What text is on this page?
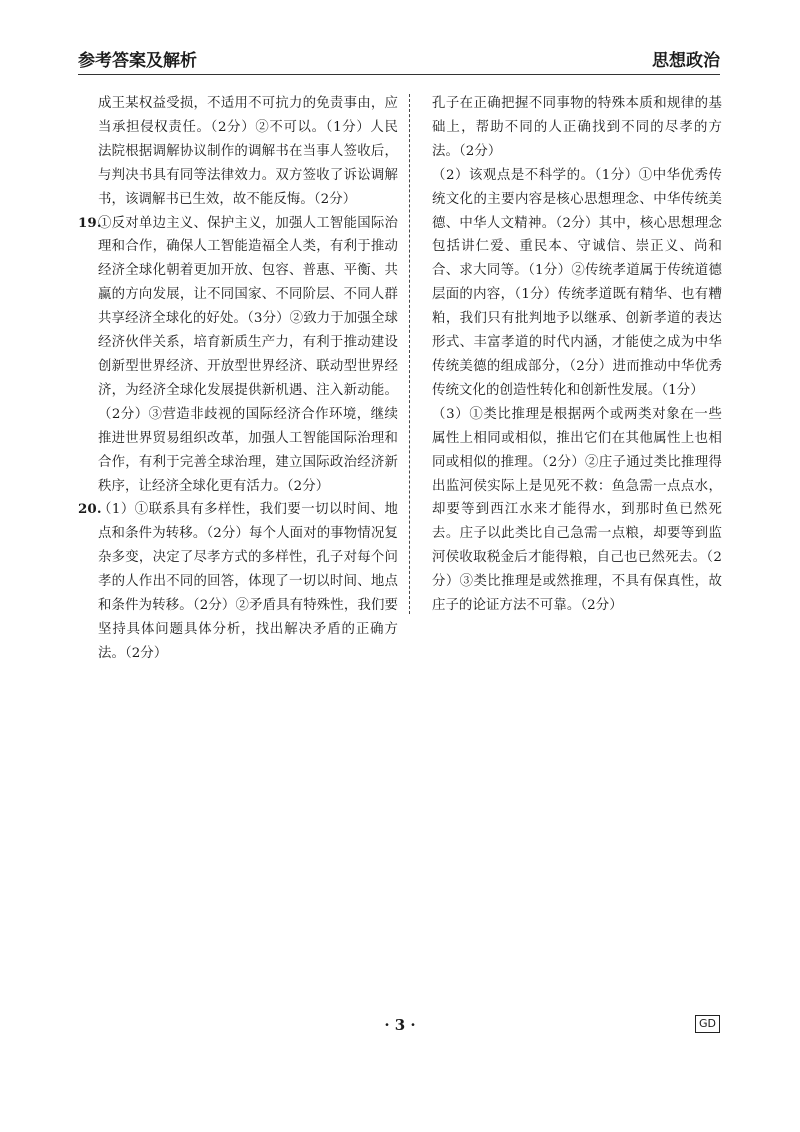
参考答案及解析	思想政治

成王某权益受损，不适用不可抗力的免责事由，应当承担侵权责任。（2分）②不可以。（1分）人民法院根据调解协议制作的调解书在当事人签收后，与判决书具有同等法律效力。双方签收了诉讼调解书，该调解书已生效，故不能反悔。（2分）

19.
①反对单边主义、保护主义，加强人工智能国际治理和合作，确保人工智能造福全人类，有利于推动经济全球化朝着更加开放、包容、普惠、平衡、共赢的方向发展，让不同国家、不同阶层、不同人群共享经济全球化的好处。（3分）②致力于加强全球经济伙伴关系，培育新质生产力，有利于推动建设创新型世界经济、开放型世界经济、联动型世界经济，为经济全球化发展提供新机遇、注入新动能。（2分）③营造非歧视的国际经济合作环境，继续推进世界贸易组织改革，加强人工智能国际治理和合作，有利于完善全球治理，建立国际政治经济新秩序，让经济全球化更有活力。（2分）
20.
（1）①联系具有多样性，我们要一切以时间、地点和条件为转移。（2分）每个人面对的事物情况复杂多变，决定了尽孝方式的多样性，孔子对每个问孝的人作出不同的回答，体现了一切以时间、地点和条件为转移。（2分）②矛盾具有特殊性，我们要坚持具体问题具体分析，找出解决矛盾的正确方法。（2分）

孔子在正确把握不同事物的特殊本质和规律的基础上，帮助不同的人正确找到不同的尽孝的方法。（2分）

（2）该观点是不科学的。（1分）①中华优秀传统文化的主要内容是核心思想理念、中华传统美德、中华人文精神。（2分）其中，核心思想理念包括讲仁爱、重民本、守诚信、崇正义、尚和合、求大同等。（1分）②传统孝道属于传统道德层面的内容，（1分）传统孝道既有精华、也有糟粕，我们只有批判地予以继承、创新孝道的表达形式、丰富孝道的时代内涵，才能使之成为中华传统美德的组成部分，（2分）进而推动中华优秀传统文化的创造性转化和创新性发展。（1分）

（3）①类比推理是根据两个或两类对象在一些属性上相同或相似，推出它们在其他属性上也相同或相似的推理。（2分）②庄子通过类比推理得出监河侯实际上是见死不救：鱼急需一点点水，却要等到西江水来才能得水，到那时鱼已然死去。庄子以此类比自己急需一点粮，却要等到监河侯收取税金后才能得粮，自己也已然死去。（2分）③类比推理是或然推理，不具有保真性，故庄子的论证方法不可靠。（2分）

· 3 ·	GD
